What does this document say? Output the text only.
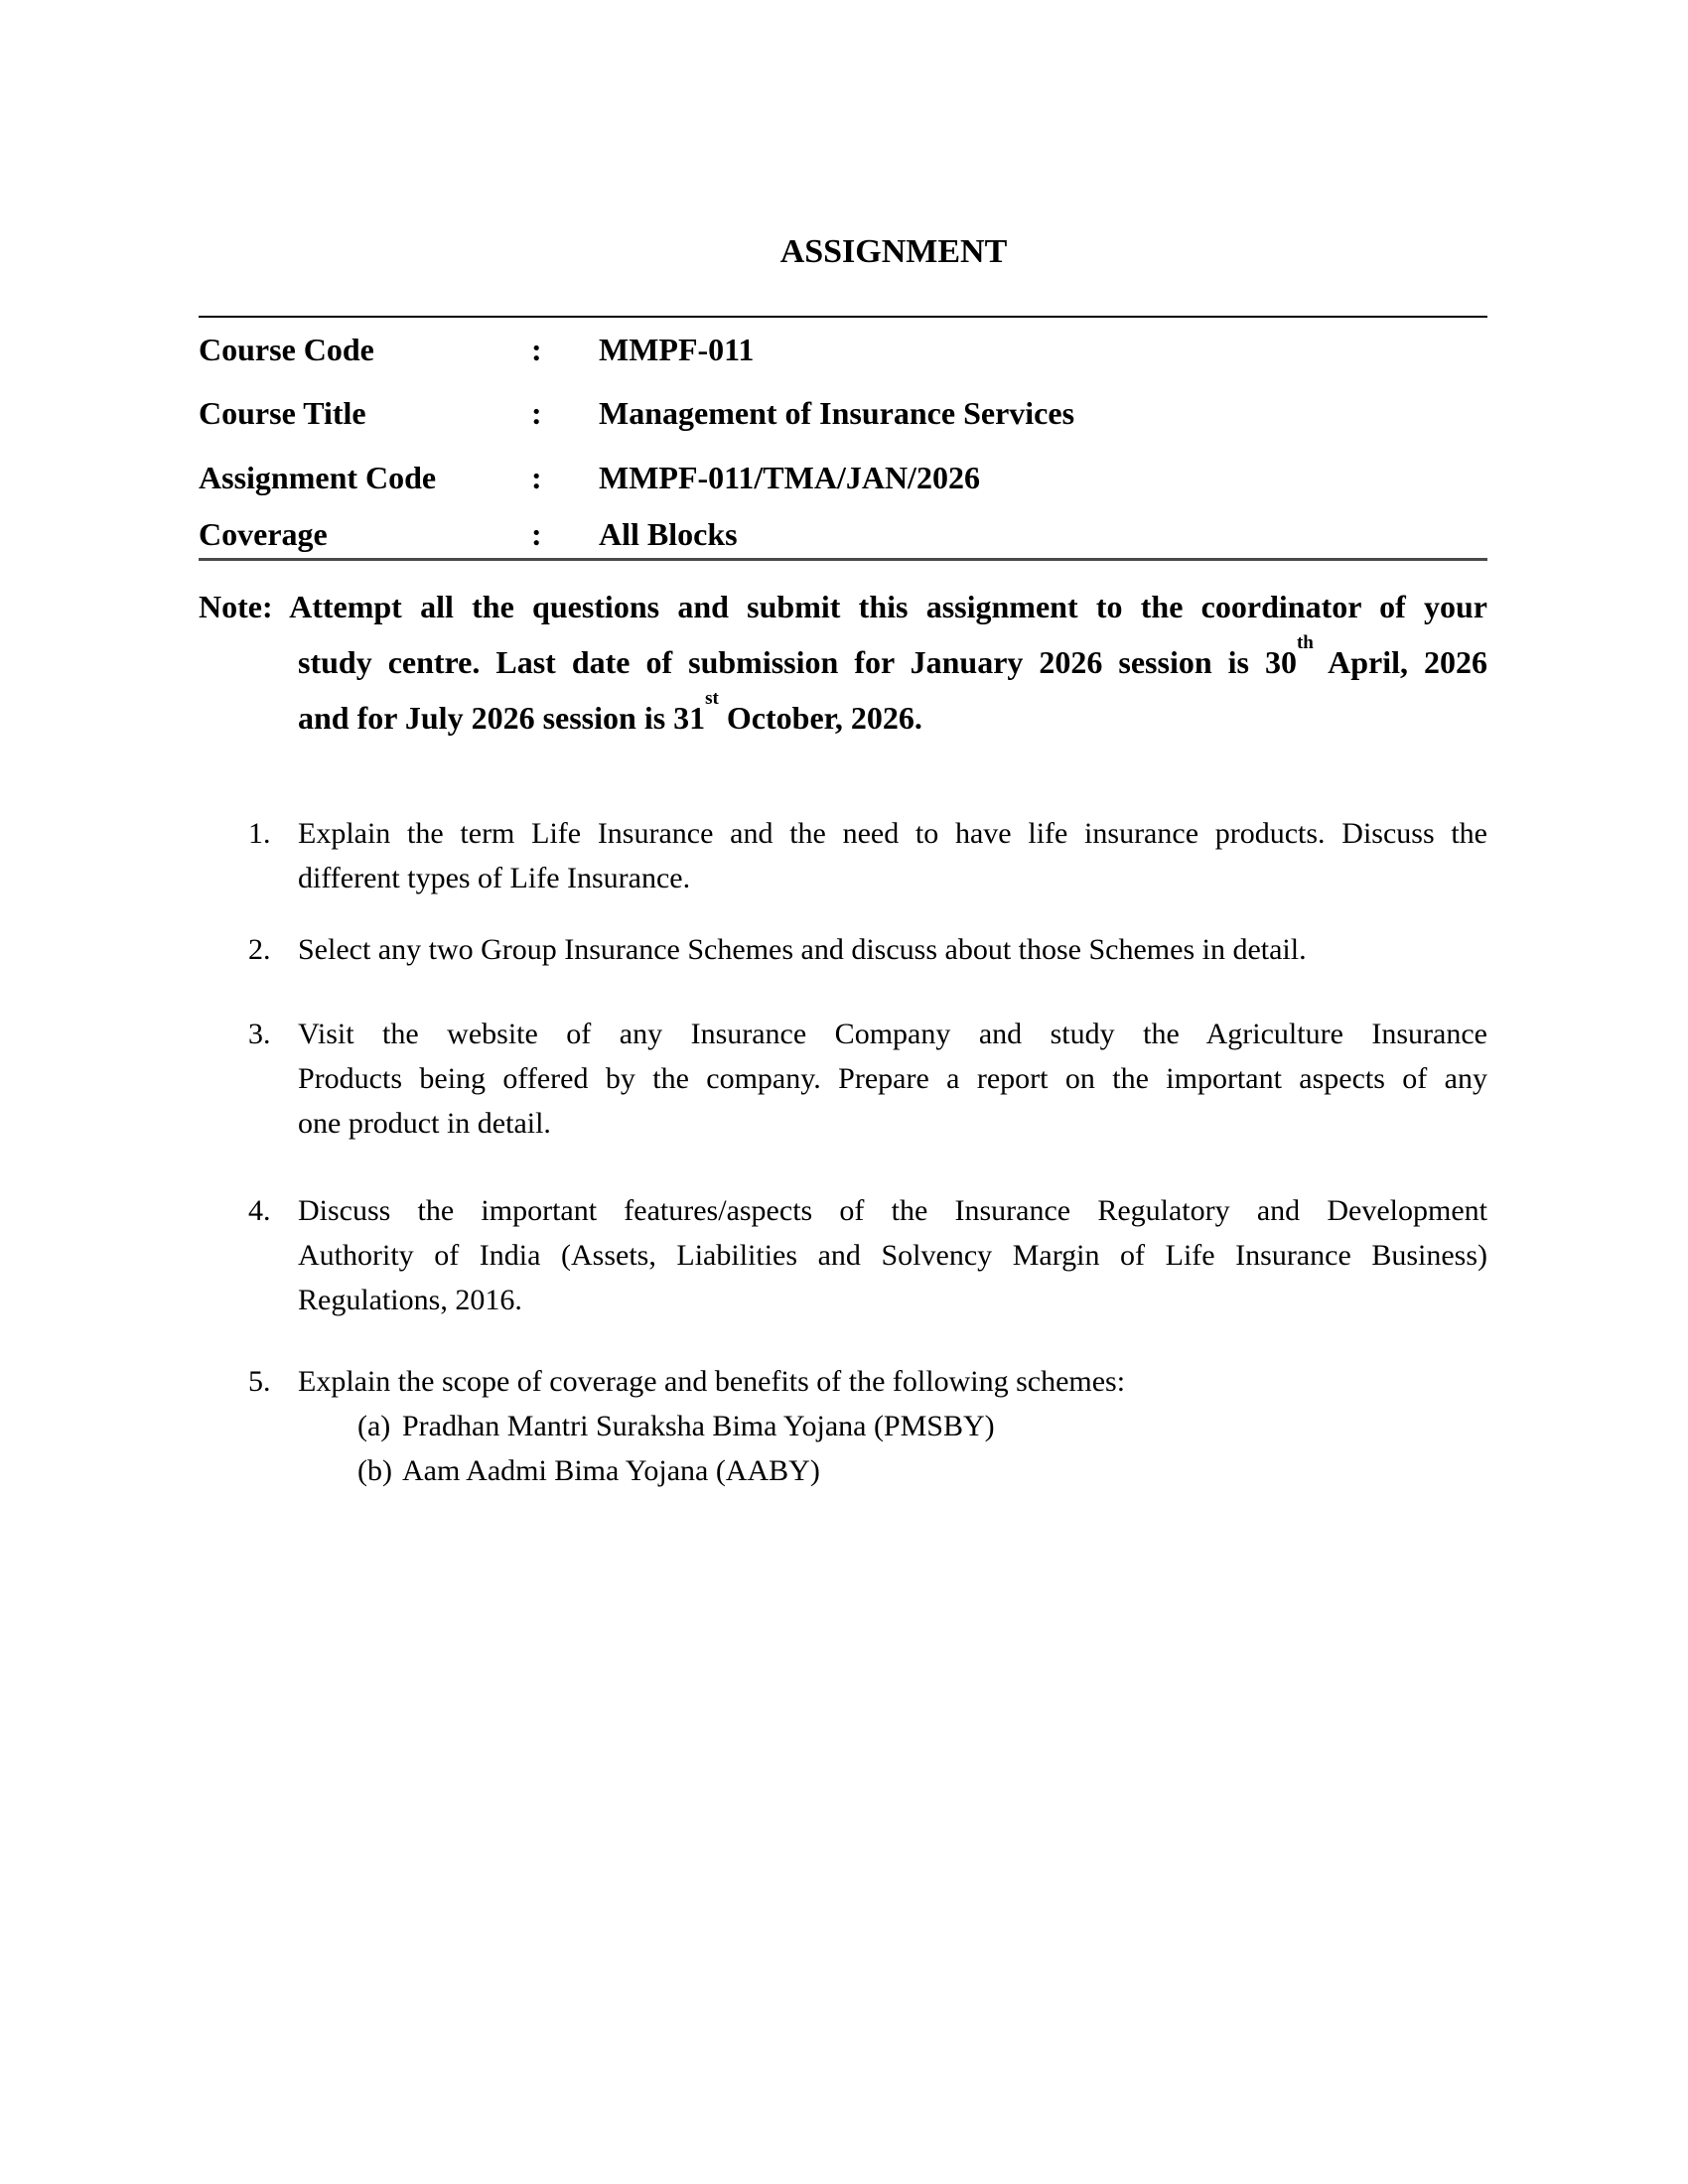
ASSIGNMENT
Course Code	:	MMPF-011
Course Title	:	Management of Insurance Services
Assignment Code	:	MMPF-011/TMA/JAN/2026
Coverage	:	All Blocks
Note: Attempt all the questions and submit this assignment to the coordinator of your
study centre. Last date of submission for January 2026 session is 30th April, 2026
and for July 2026 session is 31st October, 2026.
1. Explain the term Life Insurance and the need to have life insurance products. Discuss the
different types of Life Insurance.
2. Select any two Group Insurance Schemes and discuss about those Schemes in detail.
3. Visit the website of any Insurance Company and study the Agriculture Insurance
Products being offered by the company. Prepare a report on the important aspects of any
one product in detail.
4. Discuss the important features/aspects of the Insurance Regulatory and Development
Authority of India (Assets, Liabilities and Solvency Margin of Life Insurance Business)
Regulations, 2016.
5. Explain the scope of coverage and benefits of the following schemes:
(a) Pradhan Mantri Suraksha Bima Yojana (PMSBY)
(b) Aam Aadmi Bima Yojana (AABY)
